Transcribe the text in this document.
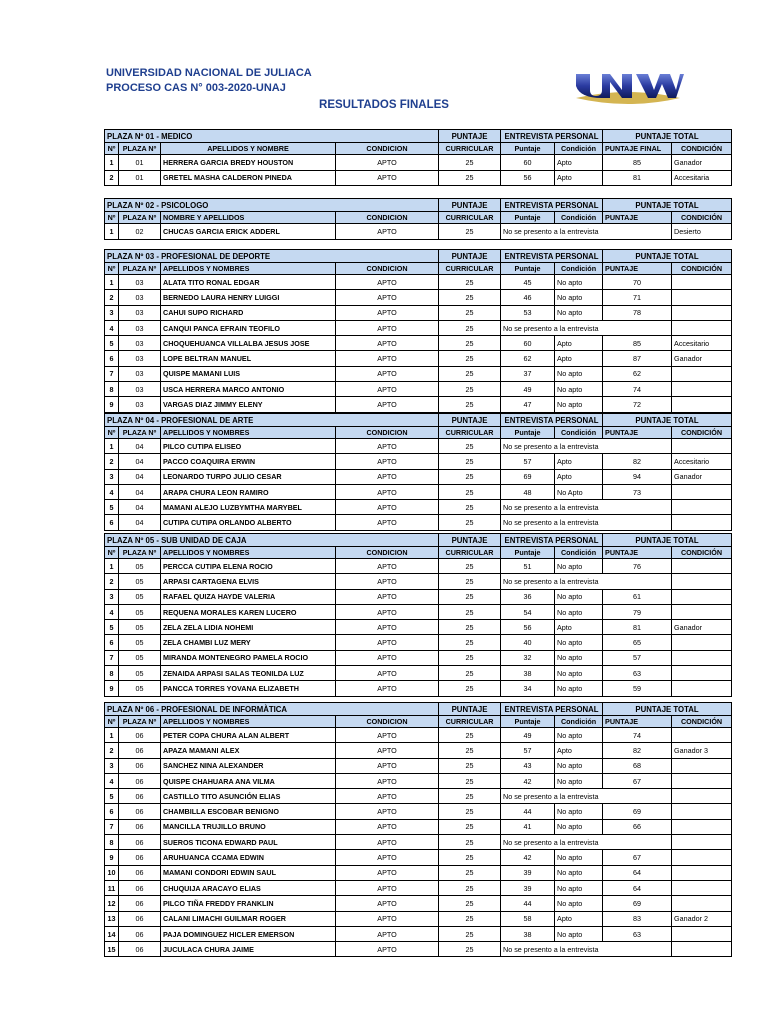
UNIVERSIDAD NACIONAL DE JULIACA
PROCESO CAS N° 003-2020-UNAJ
RESULTADOS FINALES
PLAZA Nº 01 - MEDICO				PUNTAJE	ENTREVISTA PERSONAL		PUNTAJE TOTAL	
Nº	PLAZA Nº	APELLIDOS Y NOMBRE	CONDICION	CURRICULAR	Puntaje	Condición	PUNTAJE FINAL	CONDICIÓN
1	01	HERRERA GARCIA BREDY HOUSTON	APTO	25	60	Apto	85	Ganador
2	01	GRETEL MASHA CALDERON PINEDA	APTO	25	56	Apto	81	Accesitaria
PLAZA Nº 02 - PSICOLOGO				PUNTAJE	ENTREVISTA PERSONAL		PUNTAJE TOTAL	
Nº	PLAZA Nº	NOMBRE Y APELLIDOS	CONDICION	CURRICULAR	Puntaje	Condición	PUNTAJE	CONDICIÓN
1	02	CHUCAS GARCIA ERICK ADDERL	APTO	25	No se presento a la entrevista			Desierto
PLAZA Nº 03 - PROFESIONAL DE DEPORTE				PUNTAJE	ENTREVISTA PERSONAL		PUNTAJE TOTAL	
Nº	PLAZA Nº	APELLIDOS Y NOMBRES	CONDICION	CURRICULAR	Puntaje	Condición	PUNTAJE	CONDICIÓN
1	03	ALATA TITO RONAL EDGAR	APTO	25	45	No apto	70	
2	03	BERNEDO LAURA HENRY LUIGGI	APTO	25	46	No apto	71	
3	03	CAHUI SUPO RICHARD	APTO	25	53	No apto	78	
4	03	CANQUI PANCA EFRAIN TEOFILO	APTO	25	No se presento a la entrevista			
5	03	CHOQUEHUANCA VILLALBA JESUS JOSE	APTO	25	60	Apto	85	Accesitario
6	03	LOPE BELTRAN MANUEL	APTO	25	62	Apto	87	Ganador
7	03	QUISPE MAMANI LUIS	APTO	25	37	No apto	62	
8	03	USCA HERRERA MARCO ANTONIO	APTO	25	49	No apto	74	
9	03	VARGAS DIAZ JIMMY ELENY	APTO	25	47	No apto	72	
PLAZA Nº 04 - PROFESIONAL DE ARTE				PUNTAJE	ENTREVISTA PERSONAL		PUNTAJE TOTAL	
Nº	PLAZA Nº	APELLIDOS Y NOMBRES	CONDICION	CURRICULAR	Puntaje	Condición	PUNTAJE	CONDICIÓN
1	04	PILCO CUTIPA ELISEO	APTO	25	No se presento a la entrevista			
2	04	PACCO COAQUIRA ERWIN	APTO	25	57	Apto	82	Accesitario
3	04	LEONARDO TURPO JULIO CESAR	APTO	25	69	Apto	94	Ganador
4	04	ARAPA CHURA LEON RAMIRO	APTO	25	48	No Apto	73	
5	04	MAMANI ALEJO LUZBYMTHA MARYBEL	APTO	25	No se presento a la entrevista			
6	04	CUTIPA CUTIPA ORLANDO ALBERTO	APTO	25	No se presento a la entrevista			
PLAZA Nº 05 - SUB UNIDAD DE CAJA				PUNTAJE	ENTREVISTA PERSONAL		PUNTAJE TOTAL	
Nº	PLAZA Nº	APELLIDOS Y NOMBRES	CONDICION	CURRICULAR	Puntaje	Condición	PUNTAJE	CONDICIÓN
1	05	PERCCA CUTIPA ELENA ROCIO	APTO	25	51	No apto	76	
2	05	ARPASI CARTAGENA ELVIS	APTO	25	No se presento a la entrevista			
3	05	RAFAEL QUIZA HAYDE VALERIA	APTO	25	36	No apto	61	
4	05	REQUENA MORALES KAREN LUCERO	APTO	25	54	No apto	79	
5	05	ZELA ZELA LIDIA NOHEMI	APTO	25	56	Apto	81	Ganador
6	05	ZELA CHAMBI LUZ MERY	APTO	25	40	No apto	65	
7	05	MIRANDA MONTENEGRO PAMELA ROCIO	APTO	25	32	No apto	57	
8	05	ZENAIDA ARPASI SALAS TEONILDA LUZ	APTO	25	38	No apto	63	
9	05	PANCCA TORRES YOVANA ELIZABETH	APTO	25	34	No apto	59	
PLAZA Nº 06 - PROFESIONAL DE INFORMÀTICA				PUNTAJE	ENTREVISTA PERSONAL		PUNTAJE TOTAL	
Nº	PLAZA Nº	APELLIDOS Y NOMBRES	CONDICION	CURRICULAR	Puntaje	Condición	PUNTAJE	CONDICIÓN
1	06	PETER COPA CHURA ALAN ALBERT	APTO	25	49	No apto	74	
2	06	APAZA MAMANI ALEX	APTO	25	57	Apto	82	Ganador 3
3	06	SANCHEZ NINA ALEXANDER	APTO	25	43	No apto	68	
4	06	QUISPE CHAHUARA ANA VILMA	APTO	25	42	No apto	67	
5	06	CASTILLO TITO ASUNCIÓN ELIAS	APTO	25	No se presento a la entrevista			
6	06	CHAMBILLA ESCOBAR BENIGNO	APTO	25	44	No apto	69	
7	06	MANCILLA TRUJILLO BRUNO	APTO	25	41	No apto	66	
8	06	SUEROS TICONA EDWARD PAUL	APTO	25	No se presento a la entrevista			
9	06	ARUHUANCA CCAMA EDWIN	APTO	25	42	No apto	67	
10	06	MAMANI CONDORI EDWIN SAUL	APTO	25	39	No apto	64	
11	06	CHUQUIJA ARACAYO ELIAS	APTO	25	39	No apto	64	
12	06	PILCO TIÑA FREDDY FRANKLIN	APTO	25	44	No apto	69	
13	06	CALANI LIMACHI GUILMAR ROGER	APTO	25	58	Apto	83	Ganador 2
14	06	PAJA DOMINGUEZ HICLER EMERSON	APTO	25	38	No apto	63	
15	06	JUCULACA CHURA JAIME	APTO	25	No se presento a la entrevista			
